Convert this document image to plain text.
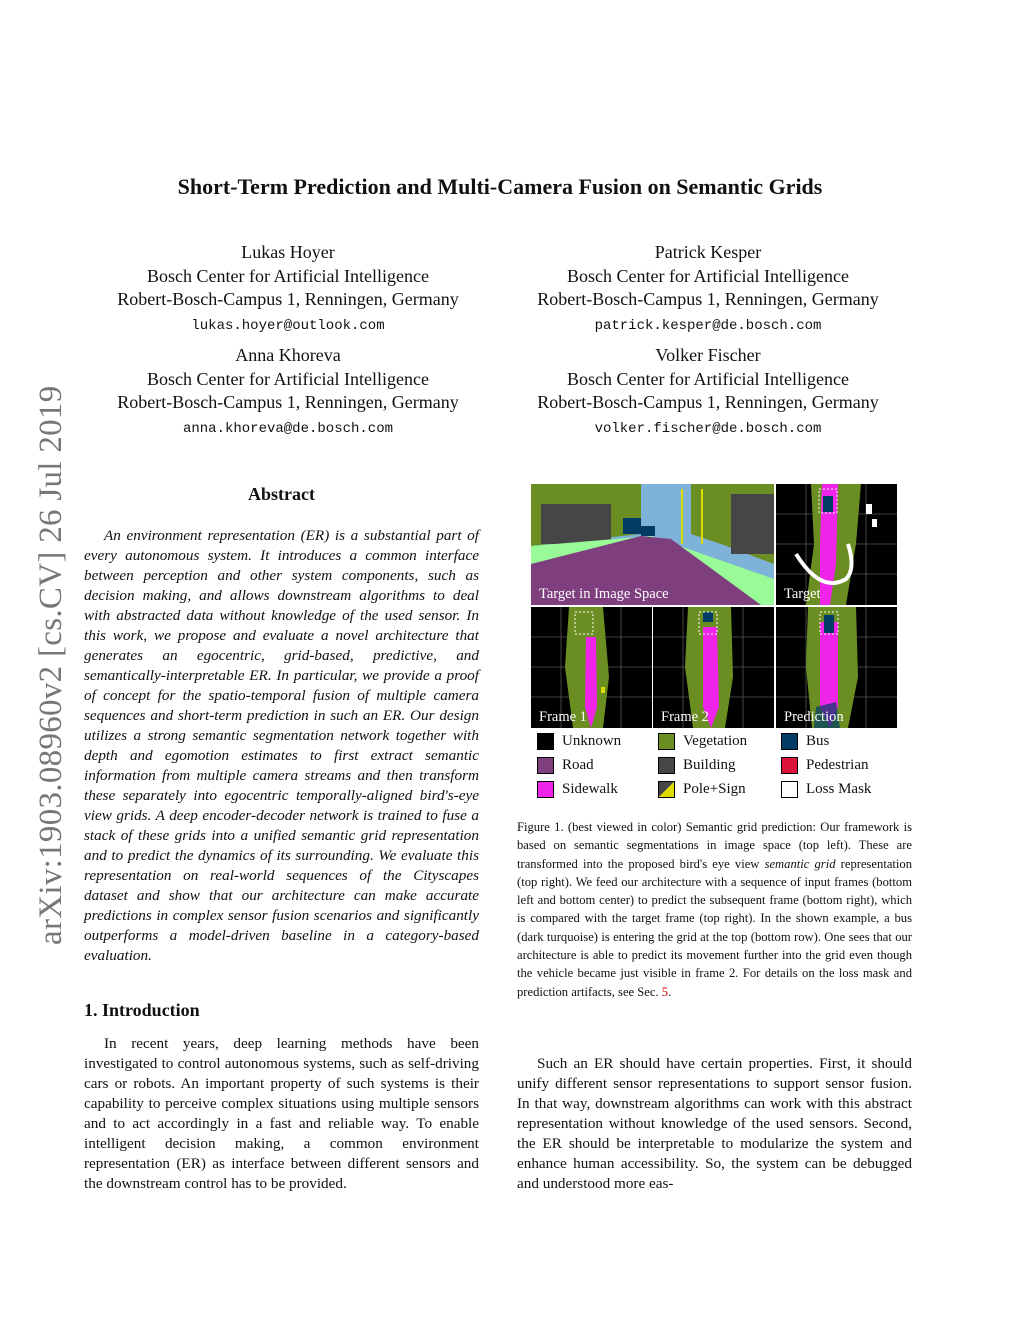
Short-Term Prediction and Multi-Camera Fusion on Semantic Grids
Lukas Hoyer
Bosch Center for Artificial Intelligence
Robert-Bosch-Campus 1, Renningen, Germany
lukas.hoyer@outlook.com
Patrick Kesper
Bosch Center for Artificial Intelligence
Robert-Bosch-Campus 1, Renningen, Germany
patrick.kesper@de.bosch.com
Anna Khoreva
Bosch Center for Artificial Intelligence
Robert-Bosch-Campus 1, Renningen, Germany
anna.khoreva@de.bosch.com
Volker Fischer
Bosch Center for Artificial Intelligence
Robert-Bosch-Campus 1, Renningen, Germany
volker.fischer@de.bosch.com
arXiv:1903.08960v2 [cs.CV] 26 Jul 2019	Abstract

An environment representation (ER) is a substantial part of every autonomous system. It introduces a common interface between perception and other system components, such as decision making, and allows downstream algorithms to deal with abstracted data without knowledge of the used sensor. In this work, we propose and evaluate a novel architecture that generates an egocentric, grid-based, predictive, and semantically-interpretable ER. In particular, we provide a proof of concept for the spatio-temporal fusion of multiple camera sequences and short-term prediction in such an ER. Our design utilizes a strong semantic segmentation network together with depth and egomotion estimates to first extract semantic information from multiple camera streams and then transform these separately into egocentric temporally-aligned bird's-eye view grids. A deep encoder-decoder network is trained to fuse a stack of these grids into a unified semantic grid representation and to predict the dynamics of its surrounding. We evaluate this representation on real-world sequences of the Cityscapes dataset and show that our architecture can make accurate predictions in complex sensor fusion scenarios and significantly outperforms a model-driven baseline in a category-based evaluation.

1. Introduction

In recent years, deep learning methods have been investigated to control autonomous systems, such as self-driving cars or robots. An important property of such systems is their capability to perceive complex situations using multiple sensors and to act accordingly in a fast and reliable way. To enable intelligent decision making, a common environment representation (ER) as interface between different sensors and the downstream control has to be provided.

Such an ER should have certain properties. First, it should unify different sensor representations to support sensor fusion. In that way, downstream algorithms can work with this abstract representation without knowledge of the used sensors. Second, the ER should be interpretable to modularize the system and enhance human accessibility. So, the system can be debugged and understood more eas-

Target in Image Space	Target
Frame 1	Frame 2	Prediction
Unknown
Road
Sidewalk
Vegetation
Building
Pole+Sign
Bus
Pedestrian
Loss Mask

Figure 1. (best viewed in color) Semantic grid prediction: Our framework is based on semantic segmentations in image space (top left). These are transformed into the proposed bird's eye view semantic grid representation (top right). We feed our architecture with a sequence of input frames (bottom left and bottom center) to predict the subsequent frame (bottom right), which is compared with the target frame (top right). In the shown example, a bus (dark turquoise) is entering the grid at the top (bottom row). One sees that our architecture is able to predict its movement further into the grid even though the vehicle became just visible in frame 2. For details on the loss mask and prediction artifacts, see Sec. 5.
